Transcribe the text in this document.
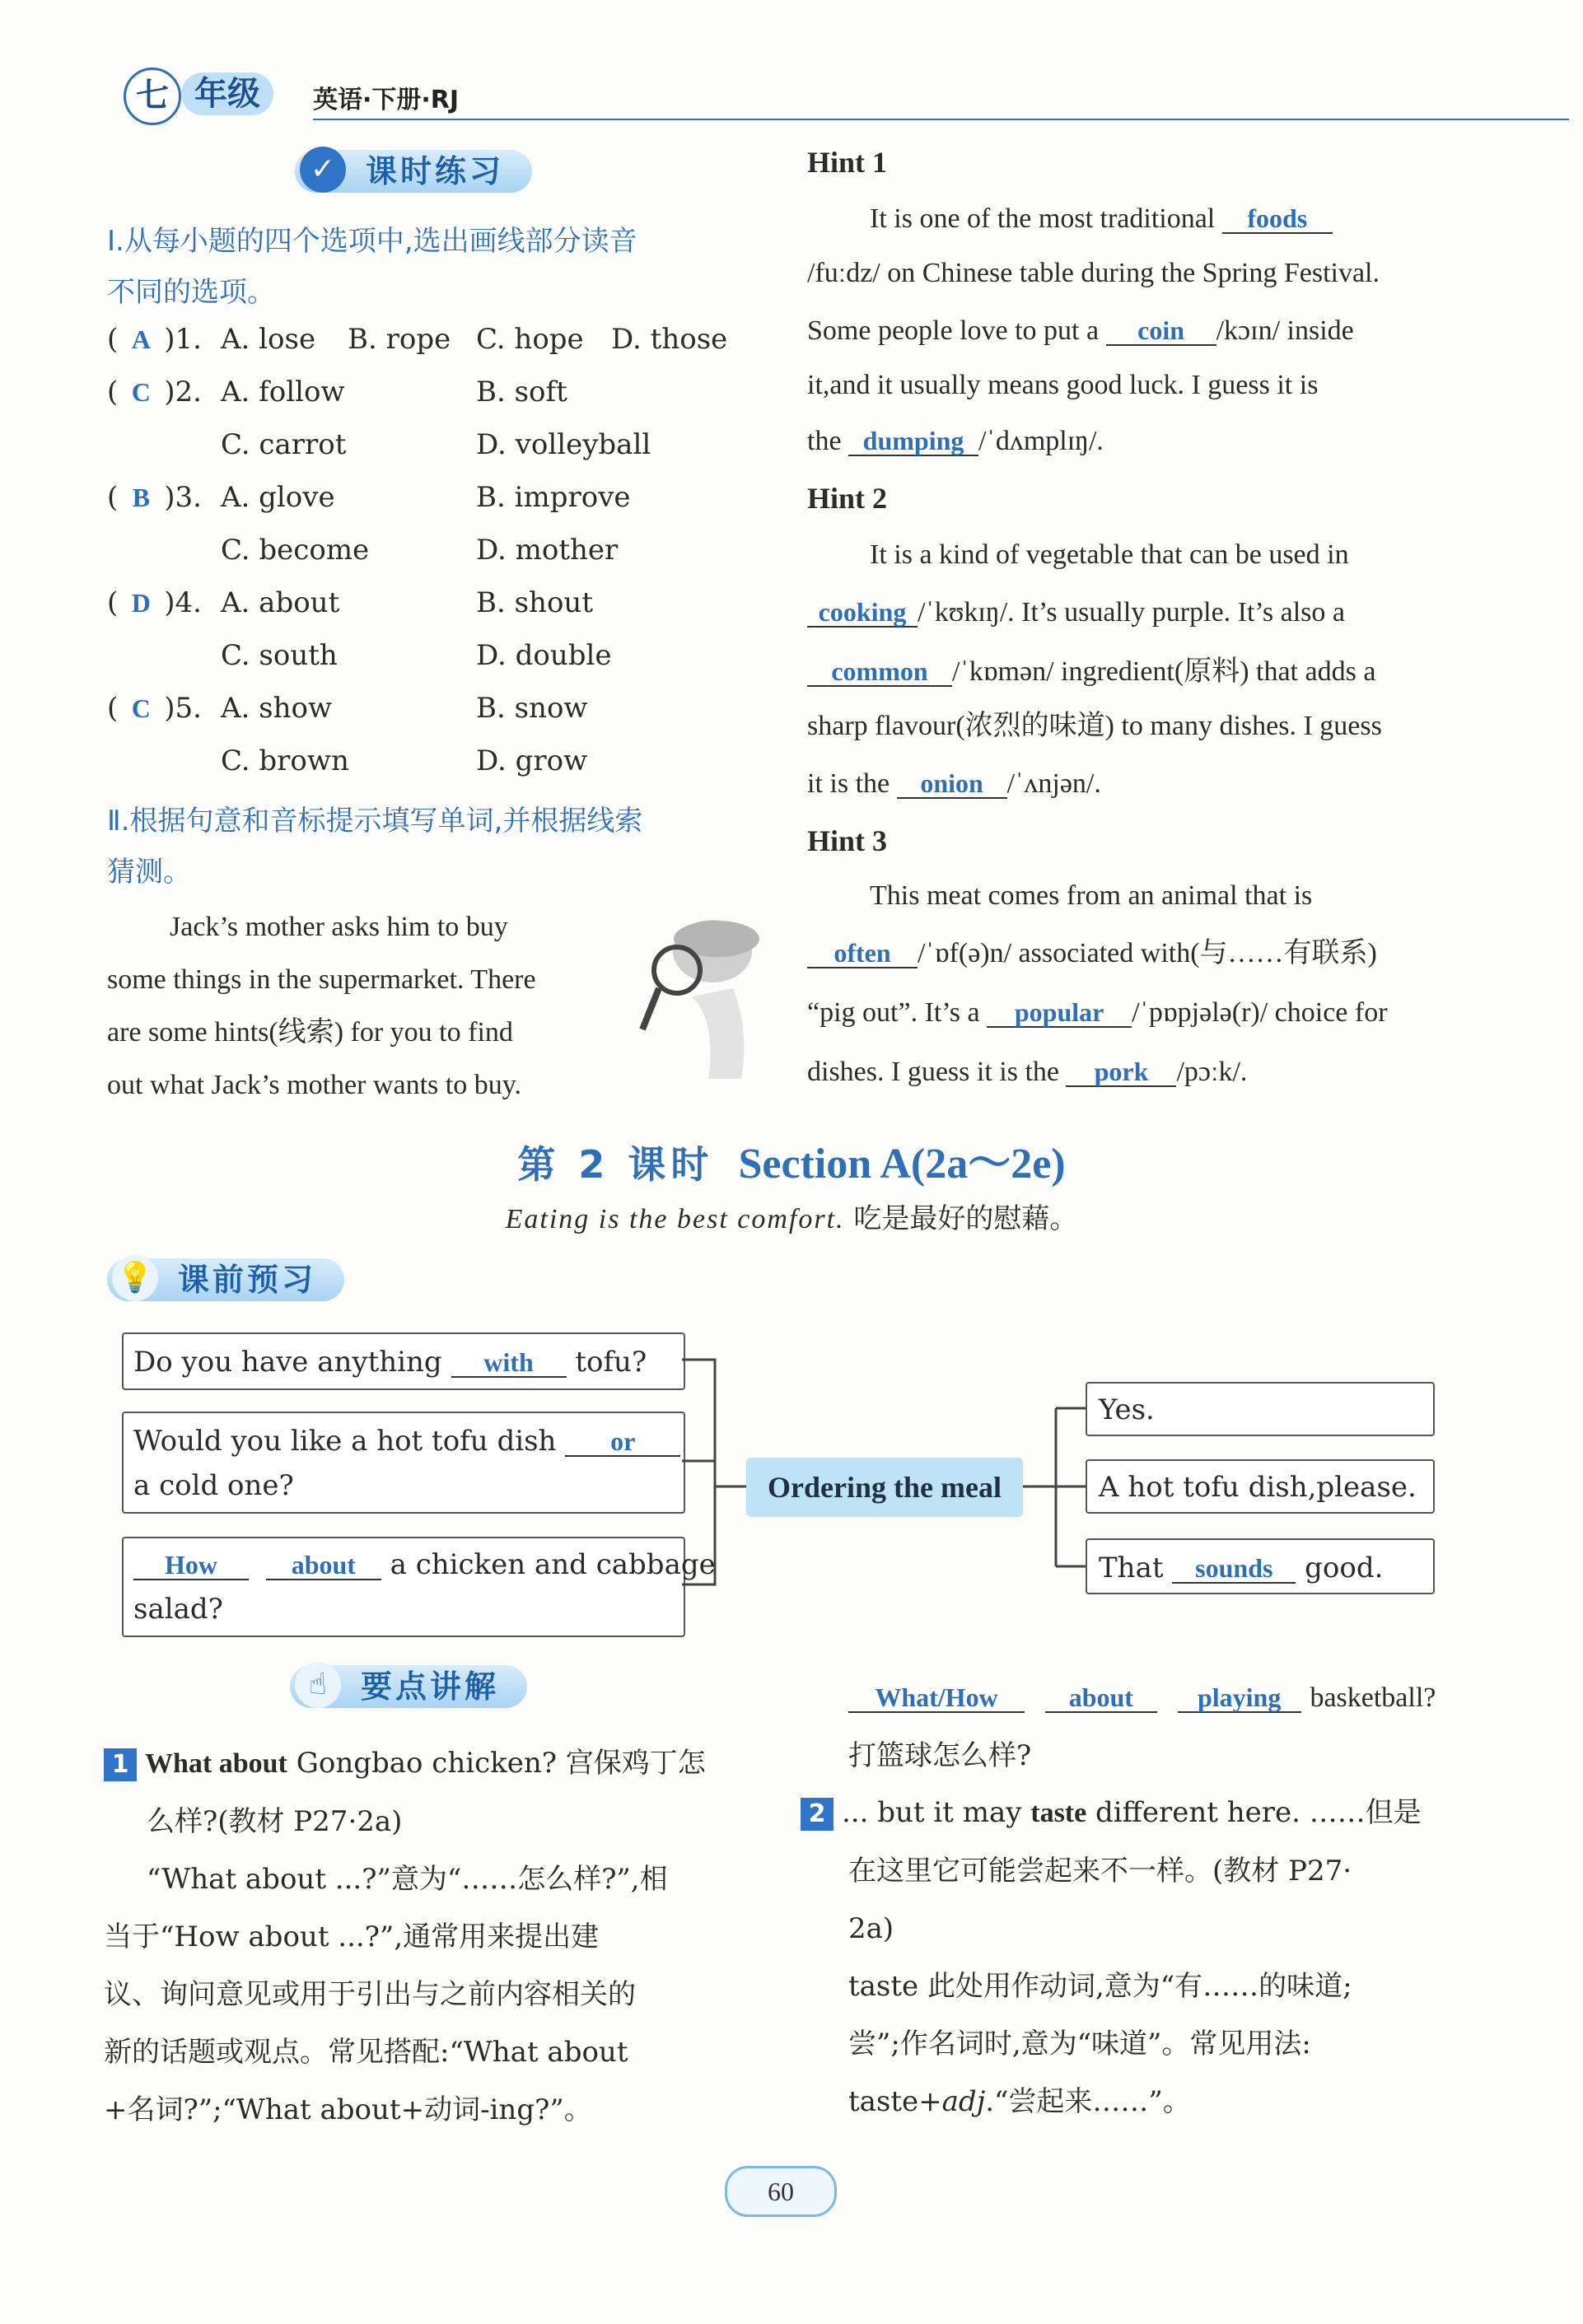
七 年级	英语·下册·RJ
✓ 课时练习
Ⅰ.从每小题的四个选项中,选出画线部分读音
不同的选项。
( A )1. A. lose B. rope C. hope D. those
( C )2. A. follow	B. soft
C. carrot	D. volleyball
( B )3. A. glove	B. improve
C. become	D. mother
( D )4. A. about	B. shout
C. south	D. double
( C )5. A. show	B. snow
C. brown	D. grow
Ⅱ.根据句意和音标提示填写单词,并根据线索
猜测。
Jack’s mother asks him to buy
some things in the supermarket. There
are some hints(线索) for you to find
out what Jack’s mother wants to buy.
Hint 1
It is one of the most traditional foods
/fuːdz/ on Chinese table during the Spring Festival.
Some people love to put a coin /kɔɪn/ inside
it,and it usually means good luck. I guess it is
the dumping /ˈdʌmplɪŋ/.
Hint 2
It is a kind of vegetable that can be used in
cooking /ˈkʊkɪŋ/. It’s usually purple. It’s also a
common /ˈkɒmən/ ingredient(原料) that adds a
sharp flavour(浓烈的味道) to many dishes. I guess
it is the onion /ˈʌnjən/.
Hint 3
This meat comes from an animal that is
often /ˈɒf(ə)n/ associated with(与……有联系)
“pig out”. It’s a popular /ˈpɒpjələ(r)/ choice for
dishes. I guess it is the pork /pɔːk/.
第 2 课时 Section A(2a～2e)
Eating is the best comfort. 吃是最好的慰藉。
💡 课前预习
Do you have anything with tofu?
Would you like a hot tofu dish or
a cold one?
How	about a chicken and cabbage
salad?
Ordering the meal
Yes.
A hot tofu dish,please.
That sounds good.
☝	要点讲解
1 What about Gongbao chicken? 宫保鸡丁怎
么样?(教材 P27·2a)
“What about ...?”意为“……怎么样?”,相
当于“How about ...?”,通常用来提出建
议、询问意见或用于引出与之前内容相关的
新的话题或观点。常见搭配:“What about
+名词?”;“What about+动词-ing?”。
What/How	about playing basketball?
打篮球怎么样?
2 ... but it may taste different here. ……但是
在这里它可能尝起来不一样。(教材 P27·
2a)
taste 此处用作动词,意为“有……的味道;
尝”;作名词时,意为“味道”。常见用法:
taste+adj.“尝起来……”。
60
